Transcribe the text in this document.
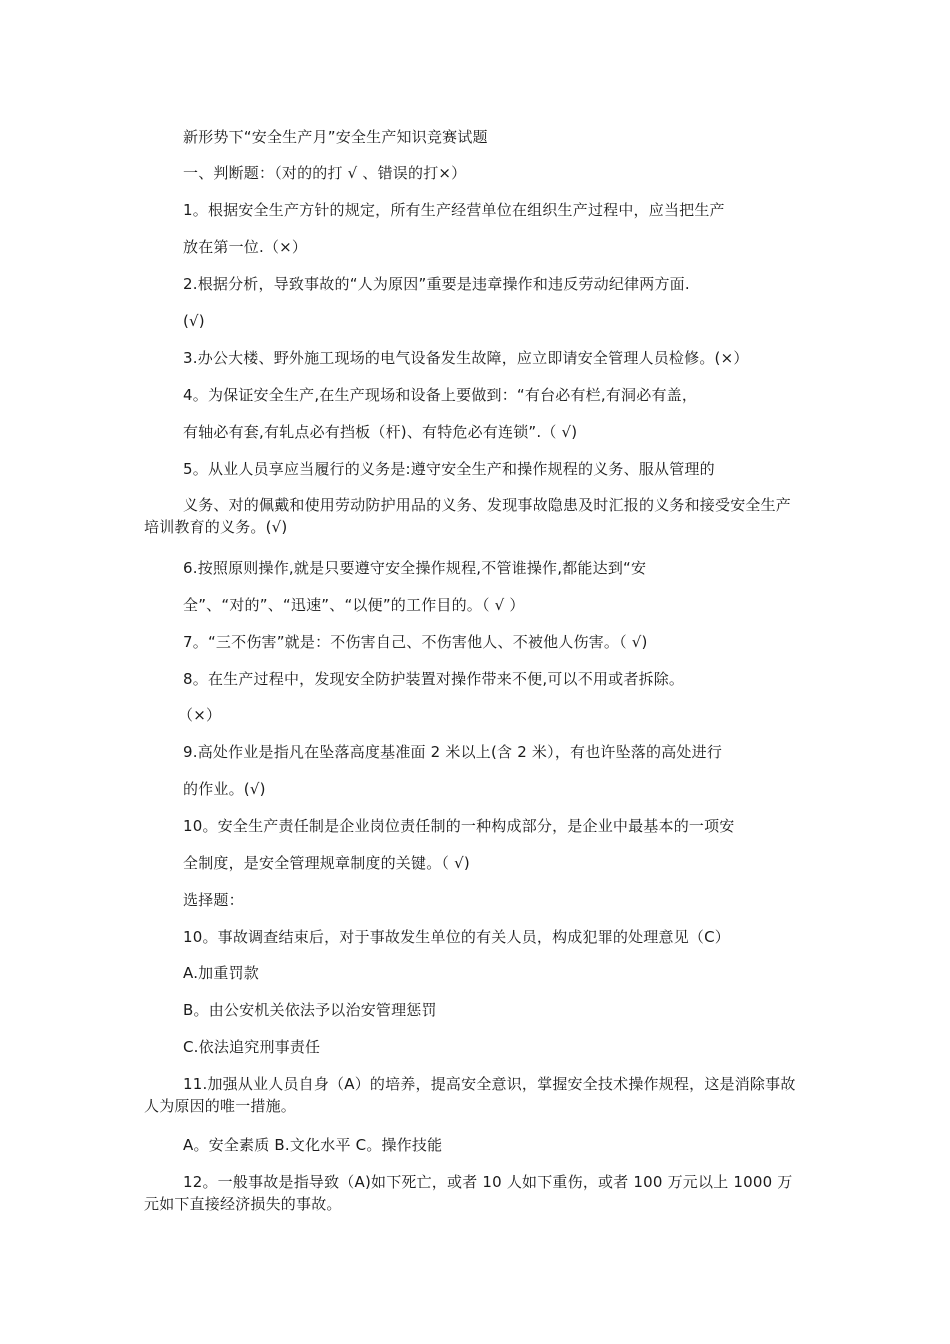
新形势下“安全生产月”安全生产知识竞赛试题
一、判断题：（对的的打 √ 、错误的打×）
1。根据安全生产方针的规定，所有生产经营单位在组织生产过程中，应当把生产
放在第一位.（×）
2.根据分析，导致事故的“人为原因”重要是违章操作和违反劳动纪律两方面.
(√)
3.办公大楼、野外施工现场的电气设备发生故障，应立即请安全管理人员检修。(×）
4。为保证安全生产,在生产现场和设备上要做到：“有台必有栏,有洞必有盖，
有轴必有套,有轧点必有挡板（杆)、有特危必有连锁”.（ √)
5。从业人员享应当履行的义务是:遵守安全生产和操作规程的义务、服从管理的
义务、对的佩戴和使用劳动防护用品的义务、发现事故隐患及时汇报的义务和接受安全生产培训教育的义务。(√)
6.按照原则操作,就是只要遵守安全操作规程,不管谁操作,都能达到“安
全”、“对的”、“迅速”、“以便”的工作目的。（ √ ）
7。“三不伤害”就是：不伤害自己、不伤害他人、不被他人伤害。（ √)
8。在生产过程中，发现安全防护装置对操作带来不便,可以不用或者拆除。
（×）
9.高处作业是指凡在坠落高度基准面 2 米以上(含 2 米），有也许坠落的高处进行
的作业。(√)
10。安全生产责任制是企业岗位责任制的一种构成部分，是企业中最基本的一项安
全制度，是安全管理规章制度的关键。（ √)
选择题：
10。事故调查结束后，对于事故发生单位的有关人员，构成犯罪的处理意见（C）
A.加重罚款
B。由公安机关依法予以治安管理惩罚
C.依法追究刑事责任
11.加强从业人员自身（A）的培养，提高安全意识，掌握安全技术操作规程，这是消除事故人为原因的唯一措施。
A。安全素质 B.文化水平 C。操作技能
12。一般事故是指导致（A)如下死亡，或者 10 人如下重伤，或者 100 万元以上 1000 万元如下直接经济损失的事故。
